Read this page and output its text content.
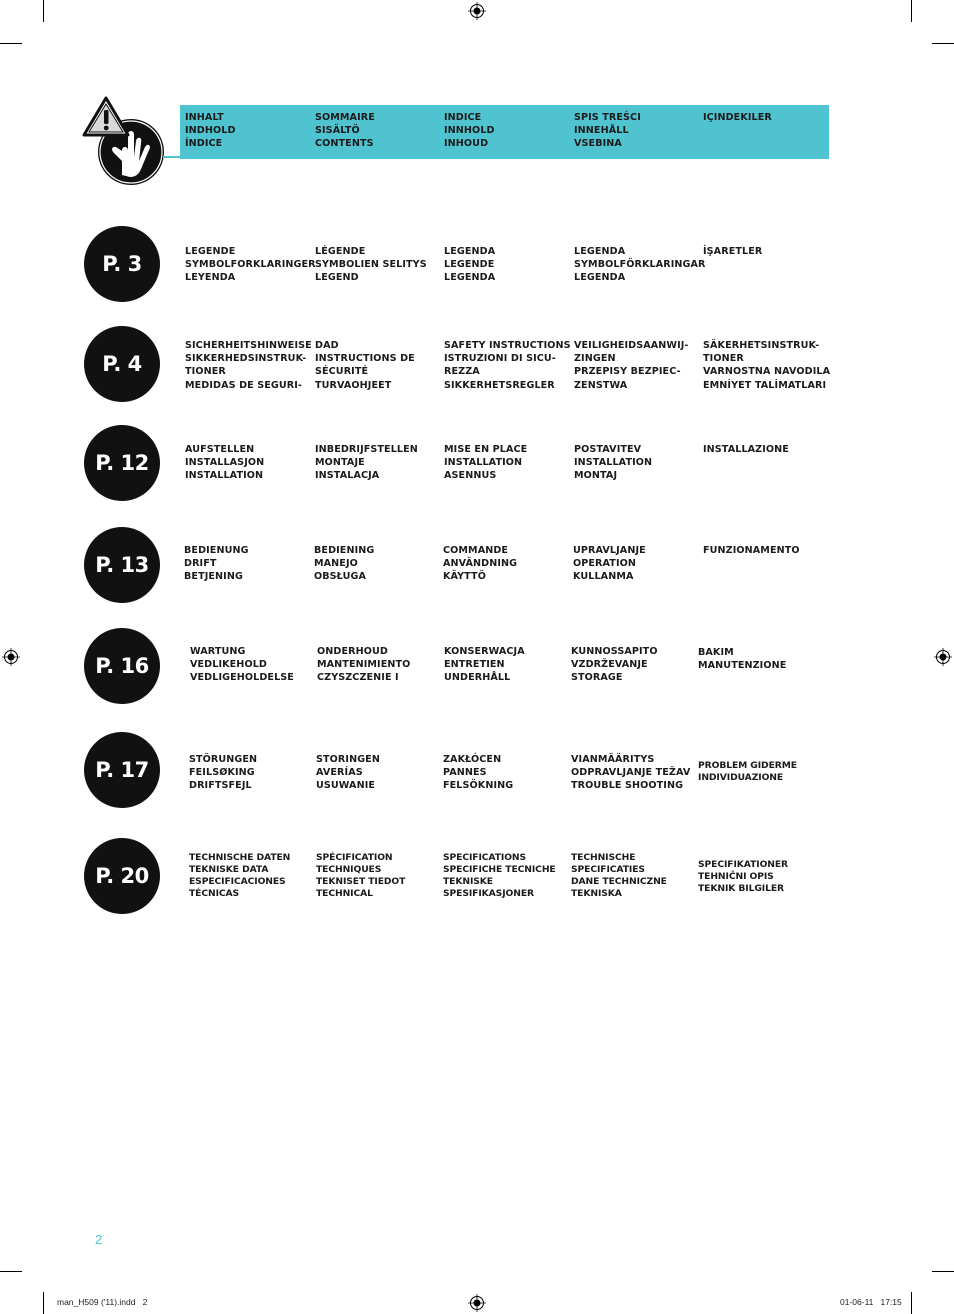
INHALT
INDHOLD
ÍNDICE
SOMMAIRE
SISÄLTÖ
CONTENTS
INDICE
INNHOLD
INHOUD
SPIS TREŚCI
INNEHÅLL
VSEBINA
IÇINDEKILER
P. 3
LEGENDE
SYMBOLFORKLARINGER
LEYENDA
LÉGENDE
SYMBOLIEN SELITYS
LEGEND
LEGENDA
LEGENDE
LEGENDA
LEGENDA
SYMBOLFÖRKLARINGAR
LEGENDA
İŞARETLER
P. 4
SICHERHEITSHINWEISE
SIKKERHEDSINSTRUK-
TIONER
MEDIDAS DE SEGURI-
DAD
INSTRUCTIONS DE
SÉCURITÉ
TURVAOHJEET
SAFETY INSTRUCTIONS
ISTRUZIONI DI SICU-
REZZA
SIKKERHETSREGLER
VEILIGHEIDSAANWIJ-
ZINGEN
PRZEPISY BEZPIEC-
ZENSTWA
SÄKERHETSINSTRUK-
TIONER
VARNOSTNA NAVODILA
EMNİYET TALİMATLARI
P. 12
AUFSTELLEN
INSTALLASJON
INSTALLATION
INBEDRIJFSTELLEN
MONTAJE
INSTALACJA
MISE EN PLACE
INSTALLATION
ASENNUS
POSTAVITEV
INSTALLATION
MONTAJ
INSTALLAZIONE
P. 13
BEDIENUNG
DRIFT
BETJENING
BEDIENING
MANEJO
OBSŁUGA
COMMANDE
ANVÄNDNING
KÄYTTÖ
UPRAVLJANJE
OPERATION
KULLANMA
FUNZIONAMENTO
P. 16
WARTUNG
VEDLIKEHOLD
VEDLIGEHOLDELSE
ONDERHOUD
MANTENIMIENTO
CZYSZCZENIE I
KONSERWACJA
ENTRETIEN
UNDERHÅLL
KUNNOSSAPITO
VZDRŽEVANJE
STORAGE
BAKIM
MANUTENZIONE
P. 17	STÖRUNGEN
FEILSØKING
DRIFTSFEJL
STORINGEN
AVERÍAS
USUWANIE
ZAKŁÓCEN
PANNES
FELSÖKNING
VIANMÄÄRITYS
ODPRAVLJANJE TEŽAV
TROUBLE SHOOTING
PROBLEM GIDERME
INDIVIDUAZIONE
P. 20
TECHNISCHE DATEN
TEKNISKE DATA
ESPECIFICACIONES
TÉCNICAS
SPÉCIFICATION
TECHNIQUES
TEKNISET TIEDOT
TECHNICAL
SPECIFICATIONS
SPECIFICHE TECNICHE
TEKNISKE
SPESIFIKASJONER
TECHNISCHE
SPECIFICATIES
DANE TECHNICZNE
TEKNISKA
SPECIFIKATIONER
TEHNIČNI OPIS
TEKNIK BILGILER
2
man_H509 ('11).indd   2	01-06-11   17:15
